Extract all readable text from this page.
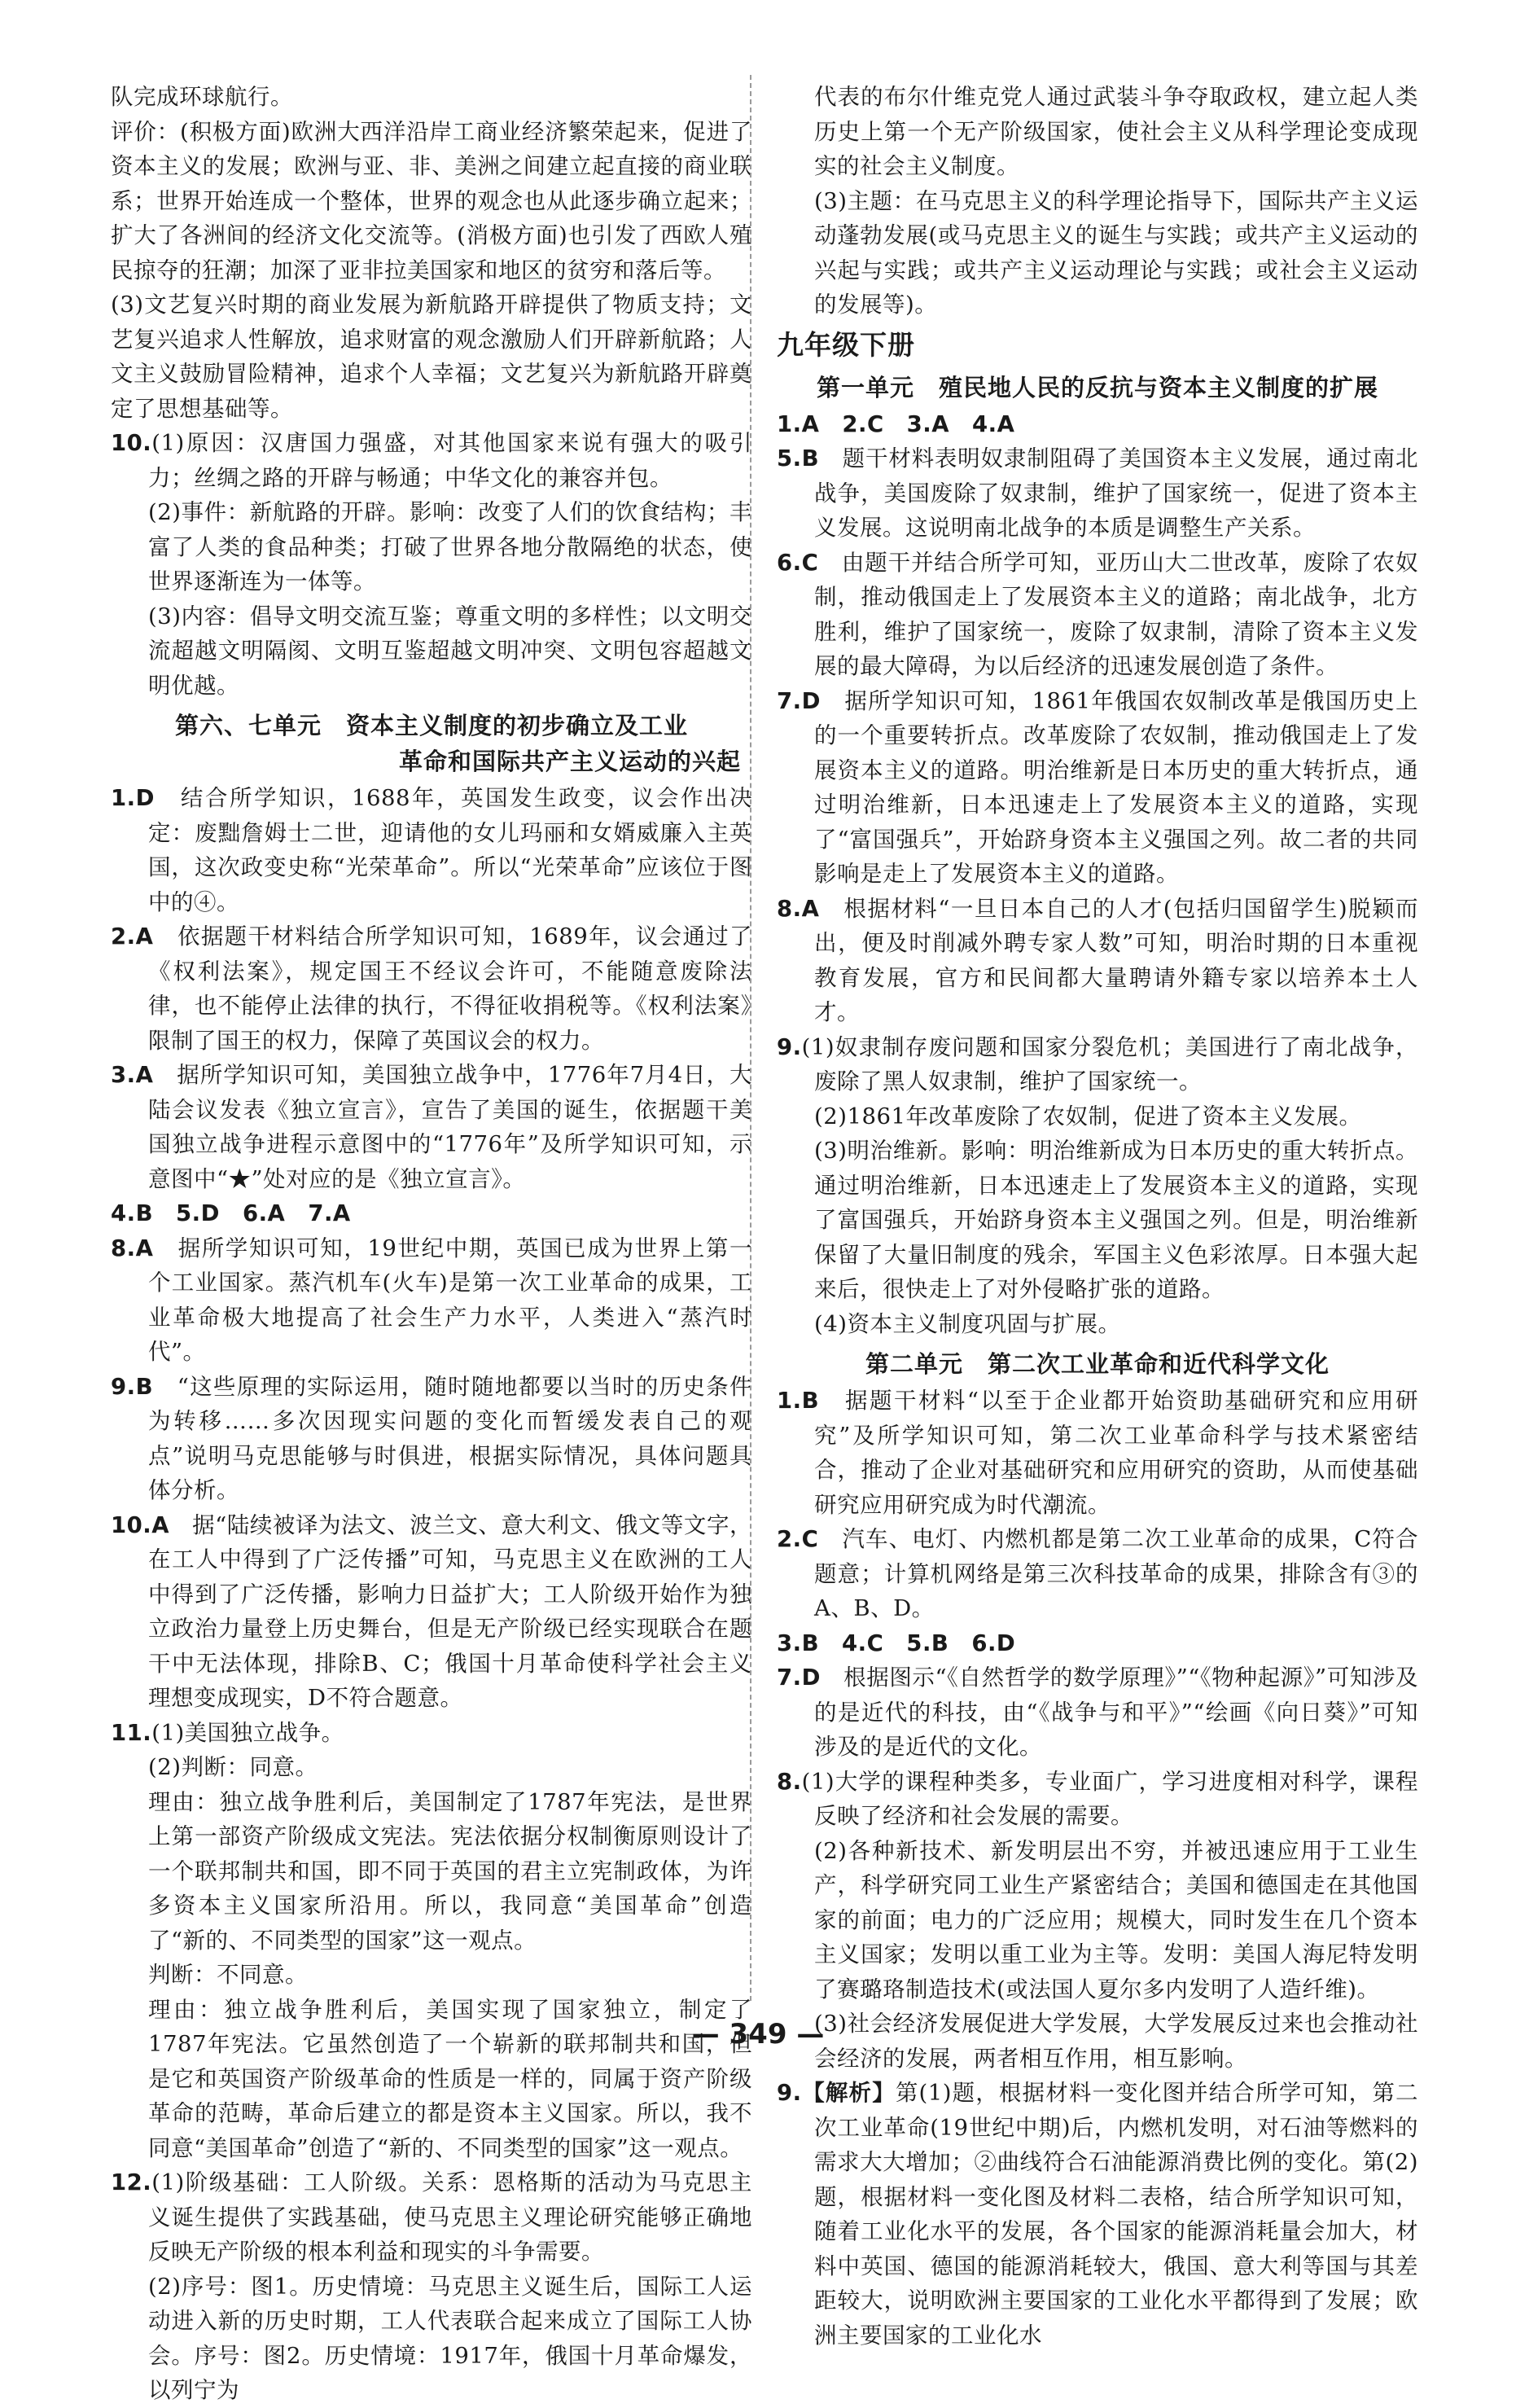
队完成环球航行。

评价：(积极方面)欧洲大西洋沿岸工商业经济繁荣起来，促进了资本主义的发展；欧洲与亚、非、美洲之间建立起直接的商业联系；世界开始连成一个整体，世界的观念也从此逐步确立起来；扩大了各洲间的经济文化交流等。(消极方面)也引发了西欧人殖民掠夺的狂潮；加深了亚非拉美国家和地区的贫穷和落后等。

(3)文艺复兴时期的商业发展为新航路开辟提供了物质支持；文艺复兴追求人性解放，追求财富的观念激励人们开辟新航路；人文主义鼓励冒险精神，追求个人幸福；文艺复兴为新航路开辟奠定了思想基础等。

10.(1)原因：汉唐国力强盛，对其他国家来说有强大的吸引力；丝绸之路的开辟与畅通；中华文化的兼容并包。

(2)事件：新航路的开辟。影响：改变了人们的饮食结构；丰富了人类的食品种类；打破了世界各地分散隔绝的状态，使世界逐渐连为一体等。

(3)内容：倡导文明交流互鉴；尊重文明的多样性；以文明交流超越文明隔阂、文明互鉴超越文明冲突、文明包容超越文明优越。

第六、七单元　资本主义制度的初步确立及工业
革命和国际共产主义运动的兴起

1.D　结合所学知识，1688年，英国发生政变，议会作出决定：废黜詹姆士二世，迎请他的女儿玛丽和女婿威廉入主英国，这次政变史称“光荣革命”。所以“光荣革命”应该位于图中的④。

2.A　依据题干材料结合所学知识可知，1689年，议会通过了《权利法案》，规定国王不经议会许可，不能随意废除法律，也不能停止法律的执行，不得征收捐税等。《权利法案》限制了国王的权力，保障了英国议会的权力。

3.A　据所学知识可知，美国独立战争中，1776年7月4日，大陆会议发表《独立宣言》，宣告了美国的诞生，依据题干美国独立战争进程示意图中的“1776年”及所学知识可知，示意图中“★”处对应的是《独立宣言》。

4.B　5.D　6.A　7.A

8.A　据所学知识可知，19世纪中期，英国已成为世界上第一个工业国家。蒸汽机车(火车)是第一次工业革命的成果，工业革命极大地提高了社会生产力水平，人类进入“蒸汽时代”。

9.B　“这些原理的实际运用，随时随地都要以当时的历史条件为转移……多次因现实问题的变化而暂缓发表自己的观点”说明马克思能够与时俱进，根据实际情况，具体问题具体分析。

10.A　据“陆续被译为法文、波兰文、意大利文、俄文等文字，在工人中得到了广泛传播”可知，马克思主义在欧洲的工人中得到了广泛传播，影响力日益扩大；工人阶级开始作为独立政治力量登上历史舞台，但是无产阶级已经实现联合在题干中无法体现，排除B、C；俄国十月革命使科学社会主义理想变成现实，D不符合题意。

11.(1)美国独立战争。

(2)判断：同意。

理由：独立战争胜利后，美国制定了1787年宪法，是世界上第一部资产阶级成文宪法。宪法依据分权制衡原则设计了一个联邦制共和国，即不同于英国的君主立宪制政体，为许多资本主义国家所沿用。所以，我同意“美国革命”创造了“新的、不同类型的国家”这一观点。

判断：不同意。

理由：独立战争胜利后，美国实现了国家独立，制定了1787年宪法。它虽然创造了一个崭新的联邦制共和国，但是它和英国资产阶级革命的性质是一样的，同属于资产阶级革命的范畴，革命后建立的都是资本主义国家。所以，我不同意“美国革命”创造了“新的、不同类型的国家”这一观点。

12.(1)阶级基础：工人阶级。关系：恩格斯的活动为马克思主义诞生提供了实践基础，使马克思主义理论研究能够正确地反映无产阶级的根本利益和现实的斗争需要。

(2)序号：图1。历史情境：马克思主义诞生后，国际工人运动进入新的历史时期，工人代表联合起来成立了国际工人协会。序号：图2。历史情境：1917年，俄国十月革命爆发，以列宁为

代表的布尔什维克党人通过武装斗争夺取政权，建立起人类历史上第一个无产阶级国家，使社会主义从科学理论变成现实的社会主义制度。

(3)主题：在马克思主义的科学理论指导下，国际共产主义运动蓬勃发展(或马克思主义的诞生与实践；或共产主义运动的兴起与实践；或共产主义运动理论与实践；或社会主义运动的发展等)。

九年级下册
第一单元　殖民地人民的反抗与资本主义制度的扩展

1.A　2.C　3.A　4.A

5.B　题干材料表明奴隶制阻碍了美国资本主义发展，通过南北战争，美国废除了奴隶制，维护了国家统一，促进了资本主义发展。这说明南北战争的本质是调整生产关系。

6.C　由题干并结合所学可知，亚历山大二世改革，废除了农奴制，推动俄国走上了发展资本主义的道路；南北战争，北方胜利，维护了国家统一，废除了奴隶制，清除了资本主义发展的最大障碍，为以后经济的迅速发展创造了条件。

7.D　据所学知识可知，1861年俄国农奴制改革是俄国历史上的一个重要转折点。改革废除了农奴制，推动俄国走上了发展资本主义的道路。明治维新是日本历史的重大转折点，通过明治维新，日本迅速走上了发展资本主义的道路，实现了“富国强兵”，开始跻身资本主义强国之列。故二者的共同影响是走上了发展资本主义的道路。

8.A　根据材料“一旦日本自己的人才(包括归国留学生)脱颖而出，便及时削减外聘专家人数”可知，明治时期的日本重视教育发展，官方和民间都大量聘请外籍专家以培养本土人才。

9.(1)奴隶制存废问题和国家分裂危机；美国进行了南北战争，废除了黑人奴隶制，维护了国家统一。

(2)1861年改革废除了农奴制，促进了资本主义发展。

(3)明治维新。影响：明治维新成为日本历史的重大转折点。通过明治维新，日本迅速走上了发展资本主义的道路，实现了富国强兵，开始跻身资本主义强国之列。但是，明治维新保留了大量旧制度的残余，军国主义色彩浓厚。日本强大起来后，很快走上了对外侵略扩张的道路。

(4)资本主义制度巩固与扩展。

第二单元　第二次工业革命和近代科学文化

1.B　据题干材料“以至于企业都开始资助基础研究和应用研究”及所学知识可知，第二次工业革命科学与技术紧密结合，推动了企业对基础研究和应用研究的资助，从而使基础研究应用研究成为时代潮流。

2.C　汽车、电灯、内燃机都是第二次工业革命的成果，C符合题意；计算机网络是第三次科技革命的成果，排除含有③的A、B、D。

3.B　4.C　5.B　6.D

7.D　根据图示“《自然哲学的数学原理》”“《物种起源》”可知涉及的是近代的科技，由“《战争与和平》”“绘画《向日葵》”可知涉及的是近代的文化。

8.(1)大学的课程种类多，专业面广，学习进度相对科学，课程反映了经济和社会发展的需要。

(2)各种新技术、新发明层出不穷，并被迅速应用于工业生产，科学研究同工业生产紧密结合；美国和德国走在其他国家的前面；电力的广泛应用；规模大，同时发生在几个资本主义国家；发明以重工业为主等。发明：美国人海尼特发明了赛璐珞制造技术(或法国人夏尔多内发明了人造纤维)。

(3)社会经济发展促进大学发展，大学发展反过来也会推动社会经济的发展，两者相互作用，相互影响。

9.【解析】第(1)题，根据材料一变化图并结合所学可知，第二次工业革命(19世纪中期)后，内燃机发明，对石油等燃料的需求大大增加；②曲线符合石油能源消费比例的变化。第(2)题，根据材料一变化图及材料二表格，结合所学知识可知，随着工业化水平的发展，各个国家的能源消耗量会加大，材料中英国、德国的能源消耗较大，俄国、意大利等国与其差距较大，说明欧洲主要国家的工业化水平都得到了发展；欧洲主要国家的工业化水

— 349 —
